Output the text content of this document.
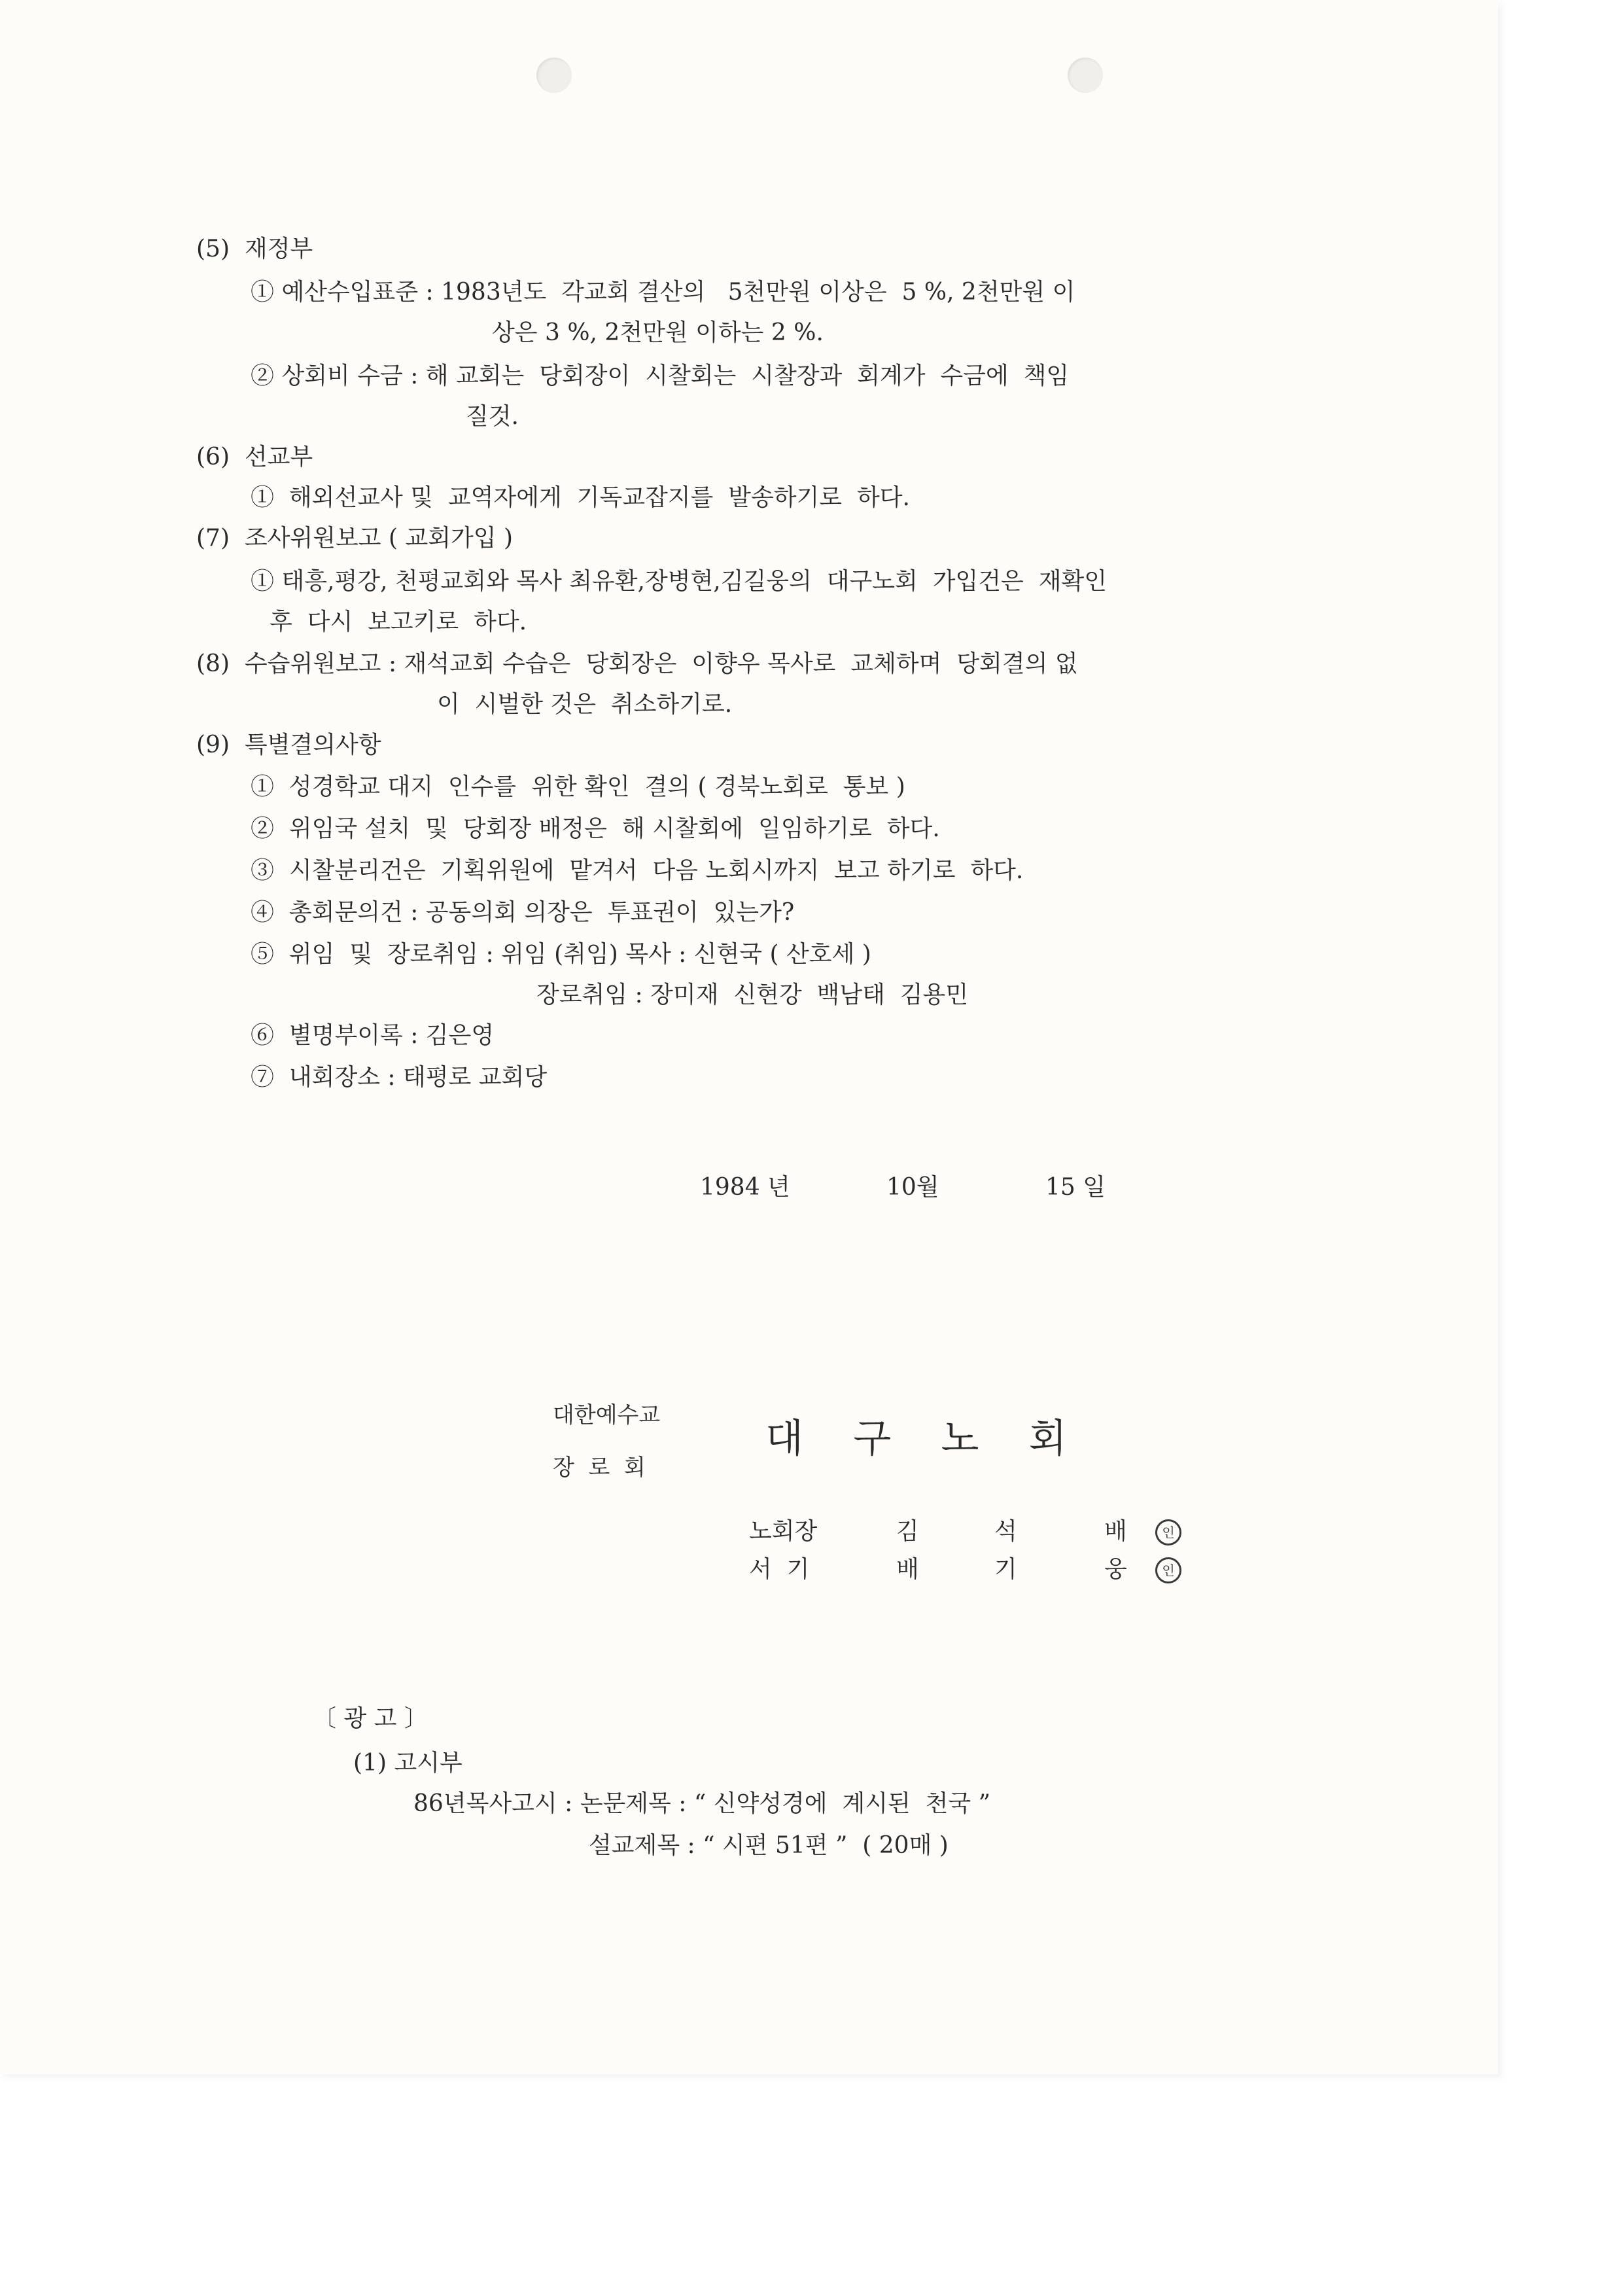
(5)  재정부
① 예산수입표준 : 1983년도  각교회 결산의   5천만원 이상은  5 %, 2천만원 이
상은 3 %, 2천만원 이하는 2 %.
② 상회비 수금 : 해 교회는  당회장이  시찰회는  시찰장과  회계가  수금에  책임
질것.
(6)  선교부
①  해외선교사 및  교역자에게  기독교잡지를  발송하기로  하다.
(7)  조사위원보고 ( 교회가입 )
① 태흥,평강, 천평교회와 목사 최유환,장병현,김길웅의  대구노회  가입건은  재확인
후  다시  보고키로  하다.
(8)  수습위원보고 : 재석교회 수습은  당회장은  이향우 목사로  교체하며  당회결의 없
이  시벌한 것은  취소하기로.
(9)  특별결의사항
①  성경학교 대지  인수를  위한 확인  결의 ( 경북노회로  통보 )
②  위임국 설치  및  당회장 배정은  해 시찰회에  일임하기로  하다.
③  시찰분리건은  기획위원에  맡겨서  다음 노회시까지  보고 하기로  하다.
④  총회문의건 : 공동의회 의장은  투표권이  있는가?
⑤  위임  및  장로취임 : 위임 (취임) 목사 : 신현국 ( 산호세 )
장로취임 : 장미재  신현강  백남태  김용민
⑥  별명부이록 : 김은영
⑦  내회장소 : 태평로 교회당
1984 년	10월	15 일
대한예수교
장  로  회
대    구    노    회
노회장	김	석	배	인
서  기	배	기	웅	인
〔 광 고 〕
(1) 고시부
86년목사고시 : 논문제목 : “ 신약성경에  계시된  천국 ”
설교제목 : “ 시편 51편 ”  ( 20매 )
